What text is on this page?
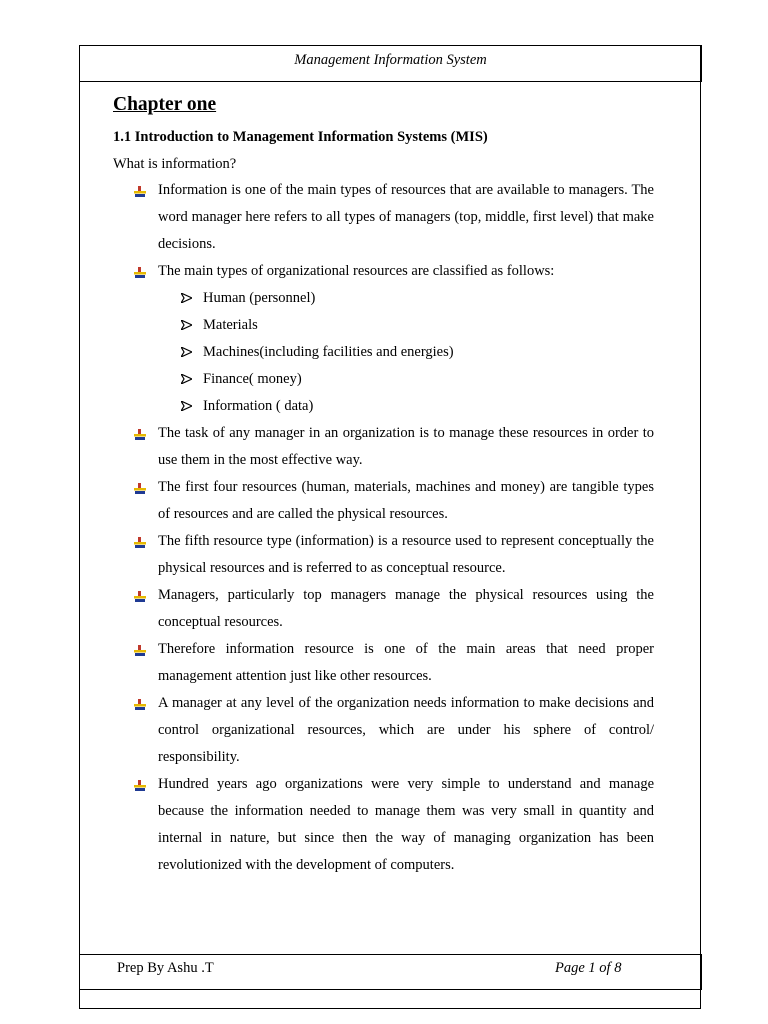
Management Information System
Chapter one
1.1 Introduction to Management Information Systems (MIS)

What is information?

Information is one of the main types of resources that are available to managers. The word manager here refers to all types of managers (top, middle, first level) that make decisions.
The main types of organizational resources are classified as follows:
Human (personnel)
Materials
Machines(including facilities and energies)
Finance( money)
Information ( data)
The task of any manager in an organization is to manage these resources in order to use them in the most effective way.
The first four resources (human, materials, machines and money) are tangible types of resources and are called the physical resources.
The fifth resource type (information) is a resource used to represent conceptually the physical resources and is referred to as conceptual resource.
Managers, particularly top managers manage the physical resources using the conceptual resources.
Therefore information resource is one of the main areas that need proper management attention just like other resources.
A manager at any level of the organization needs information to make decisions and control organizational resources, which are under his sphere of control/ responsibility.
Hundred years ago organizations were very simple to understand and manage because the information needed to manage them was very small in quantity and internal in nature, but since then the way of managing organization has been revolutionized with the development of computers.
Prep By Ashu .T	Page 1 of 8
